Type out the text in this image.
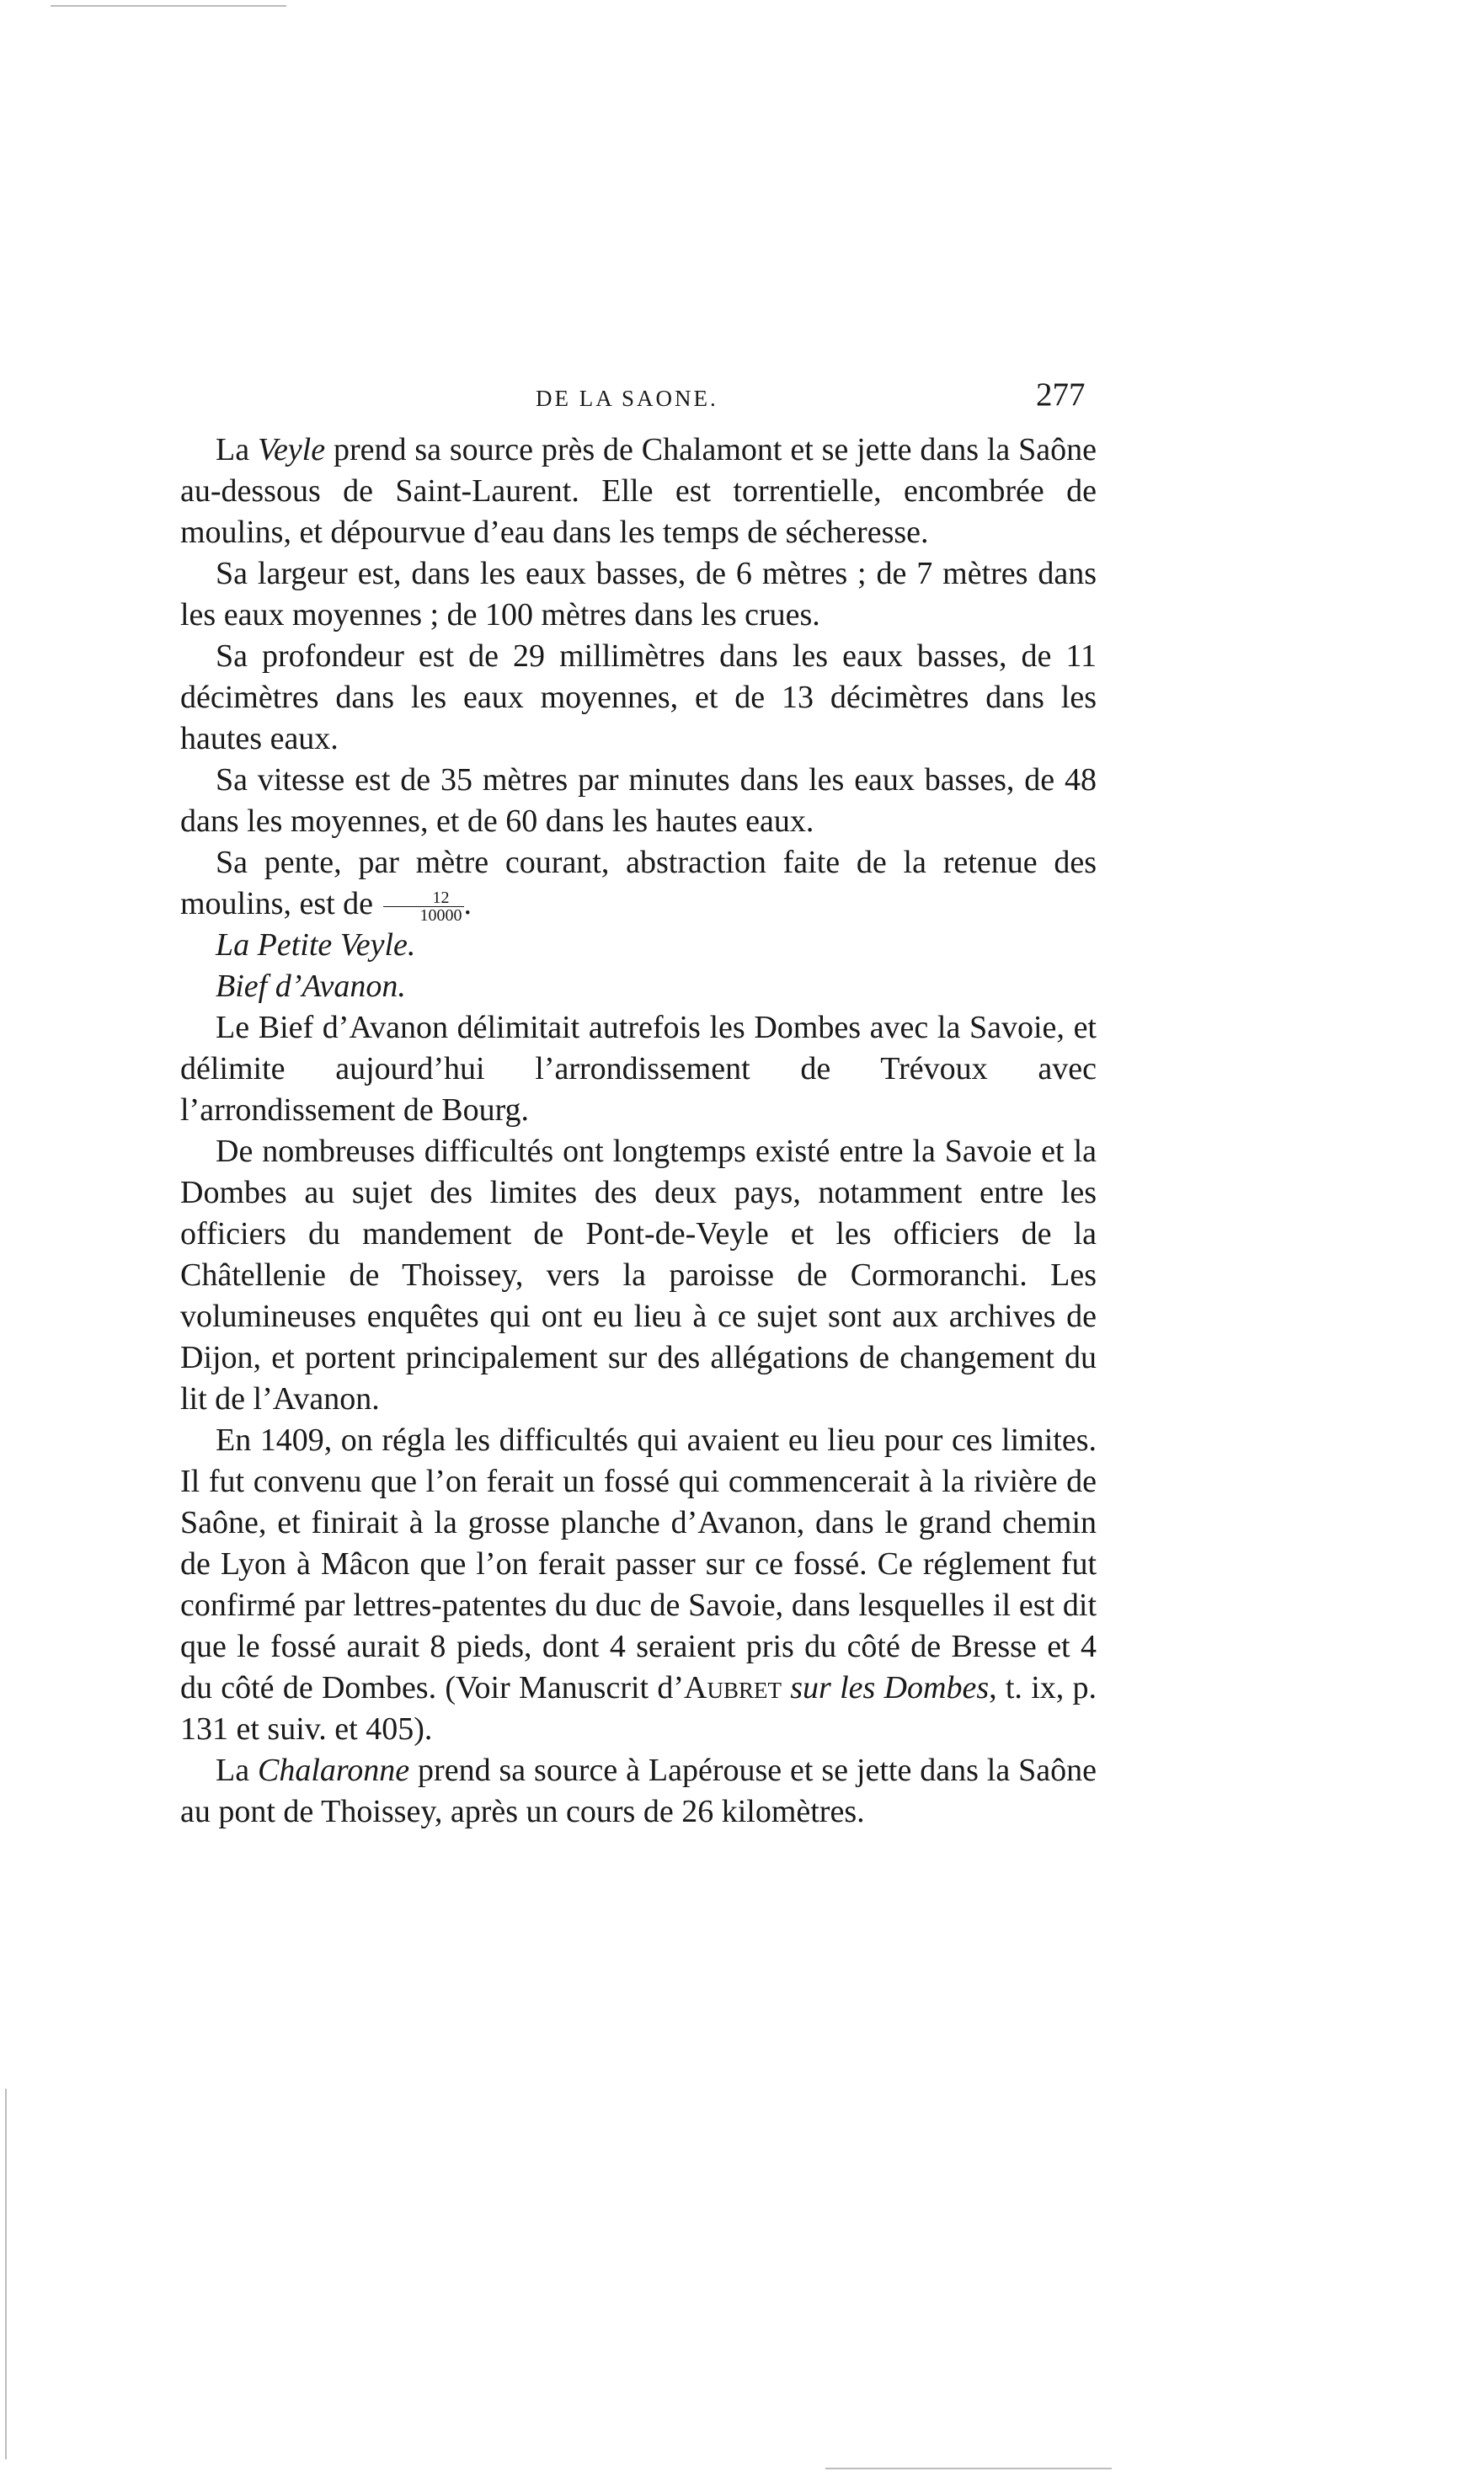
DE LA SAONE.	277

La Veyle prend sa source près de Chalamont et se jette dans la Saône au-dessous de Saint-Laurent. Elle est torrentielle, encombrée de moulins, et dépourvue d’eau dans les temps de sécheresse.

Sa largeur est, dans les eaux basses, de 6 mètres ; de 7 mètres dans les eaux moyennes ; de 100 mètres dans les crues.

Sa profondeur est de 29 millimètres dans les eaux basses, de 11 décimètres dans les eaux moyennes, et de 13 décimètres dans les hautes eaux.

Sa vitesse est de 35 mètres par minutes dans les eaux basses, de 48 dans les moyennes, et de 60 dans les hautes eaux.

Sa pente, par mètre courant, abstraction faite de la retenue des moulins, est de $\frac{12}{10000}$ .

La Petite Veyle.

Bief d’Avanon.

Le Bief d’Avanon délimitait autrefois les Dombes avec la Savoie, et délimite aujourd’hui l’arrondissement de Trévoux avec l’arrondissement de Bourg.

De nombreuses difficultés ont longtemps existé entre la Savoie et la Dombes au sujet des limites des deux pays, notamment entre les officiers du mandement de Pont-de-Veyle et les officiers de la Châtellenie de Thoissey, vers la paroisse de Cormoranchi. Les volumineuses enquêtes qui ont eu lieu à ce sujet sont aux archives de Dijon, et portent principalement sur des allégations de changement du lit de l’Avanon.

En 1409, on régla les difficultés qui avaient eu lieu pour ces limites. Il fut convenu que l’on ferait un fossé qui commencerait à la rivière de Saône, et finirait à la grosse planche d’Avanon, dans le grand chemin de Lyon à Mâcon que l’on ferait passer sur ce fossé. Ce réglement fut confirmé par lettres-patentes du duc de Savoie, dans lesquelles il est dit que le fossé aurait 8 pieds, dont 4 seraient pris du côté de Bresse et 4 du côté de Dombes. (Voir Manuscrit d’Aubret sur les Dombes, t. ix, p. 131 et suiv. et 405).

La Chalaronne prend sa source à Lapérouse et se jette dans la Saône au pont de Thoissey, après un cours de 26 kilomètres.
